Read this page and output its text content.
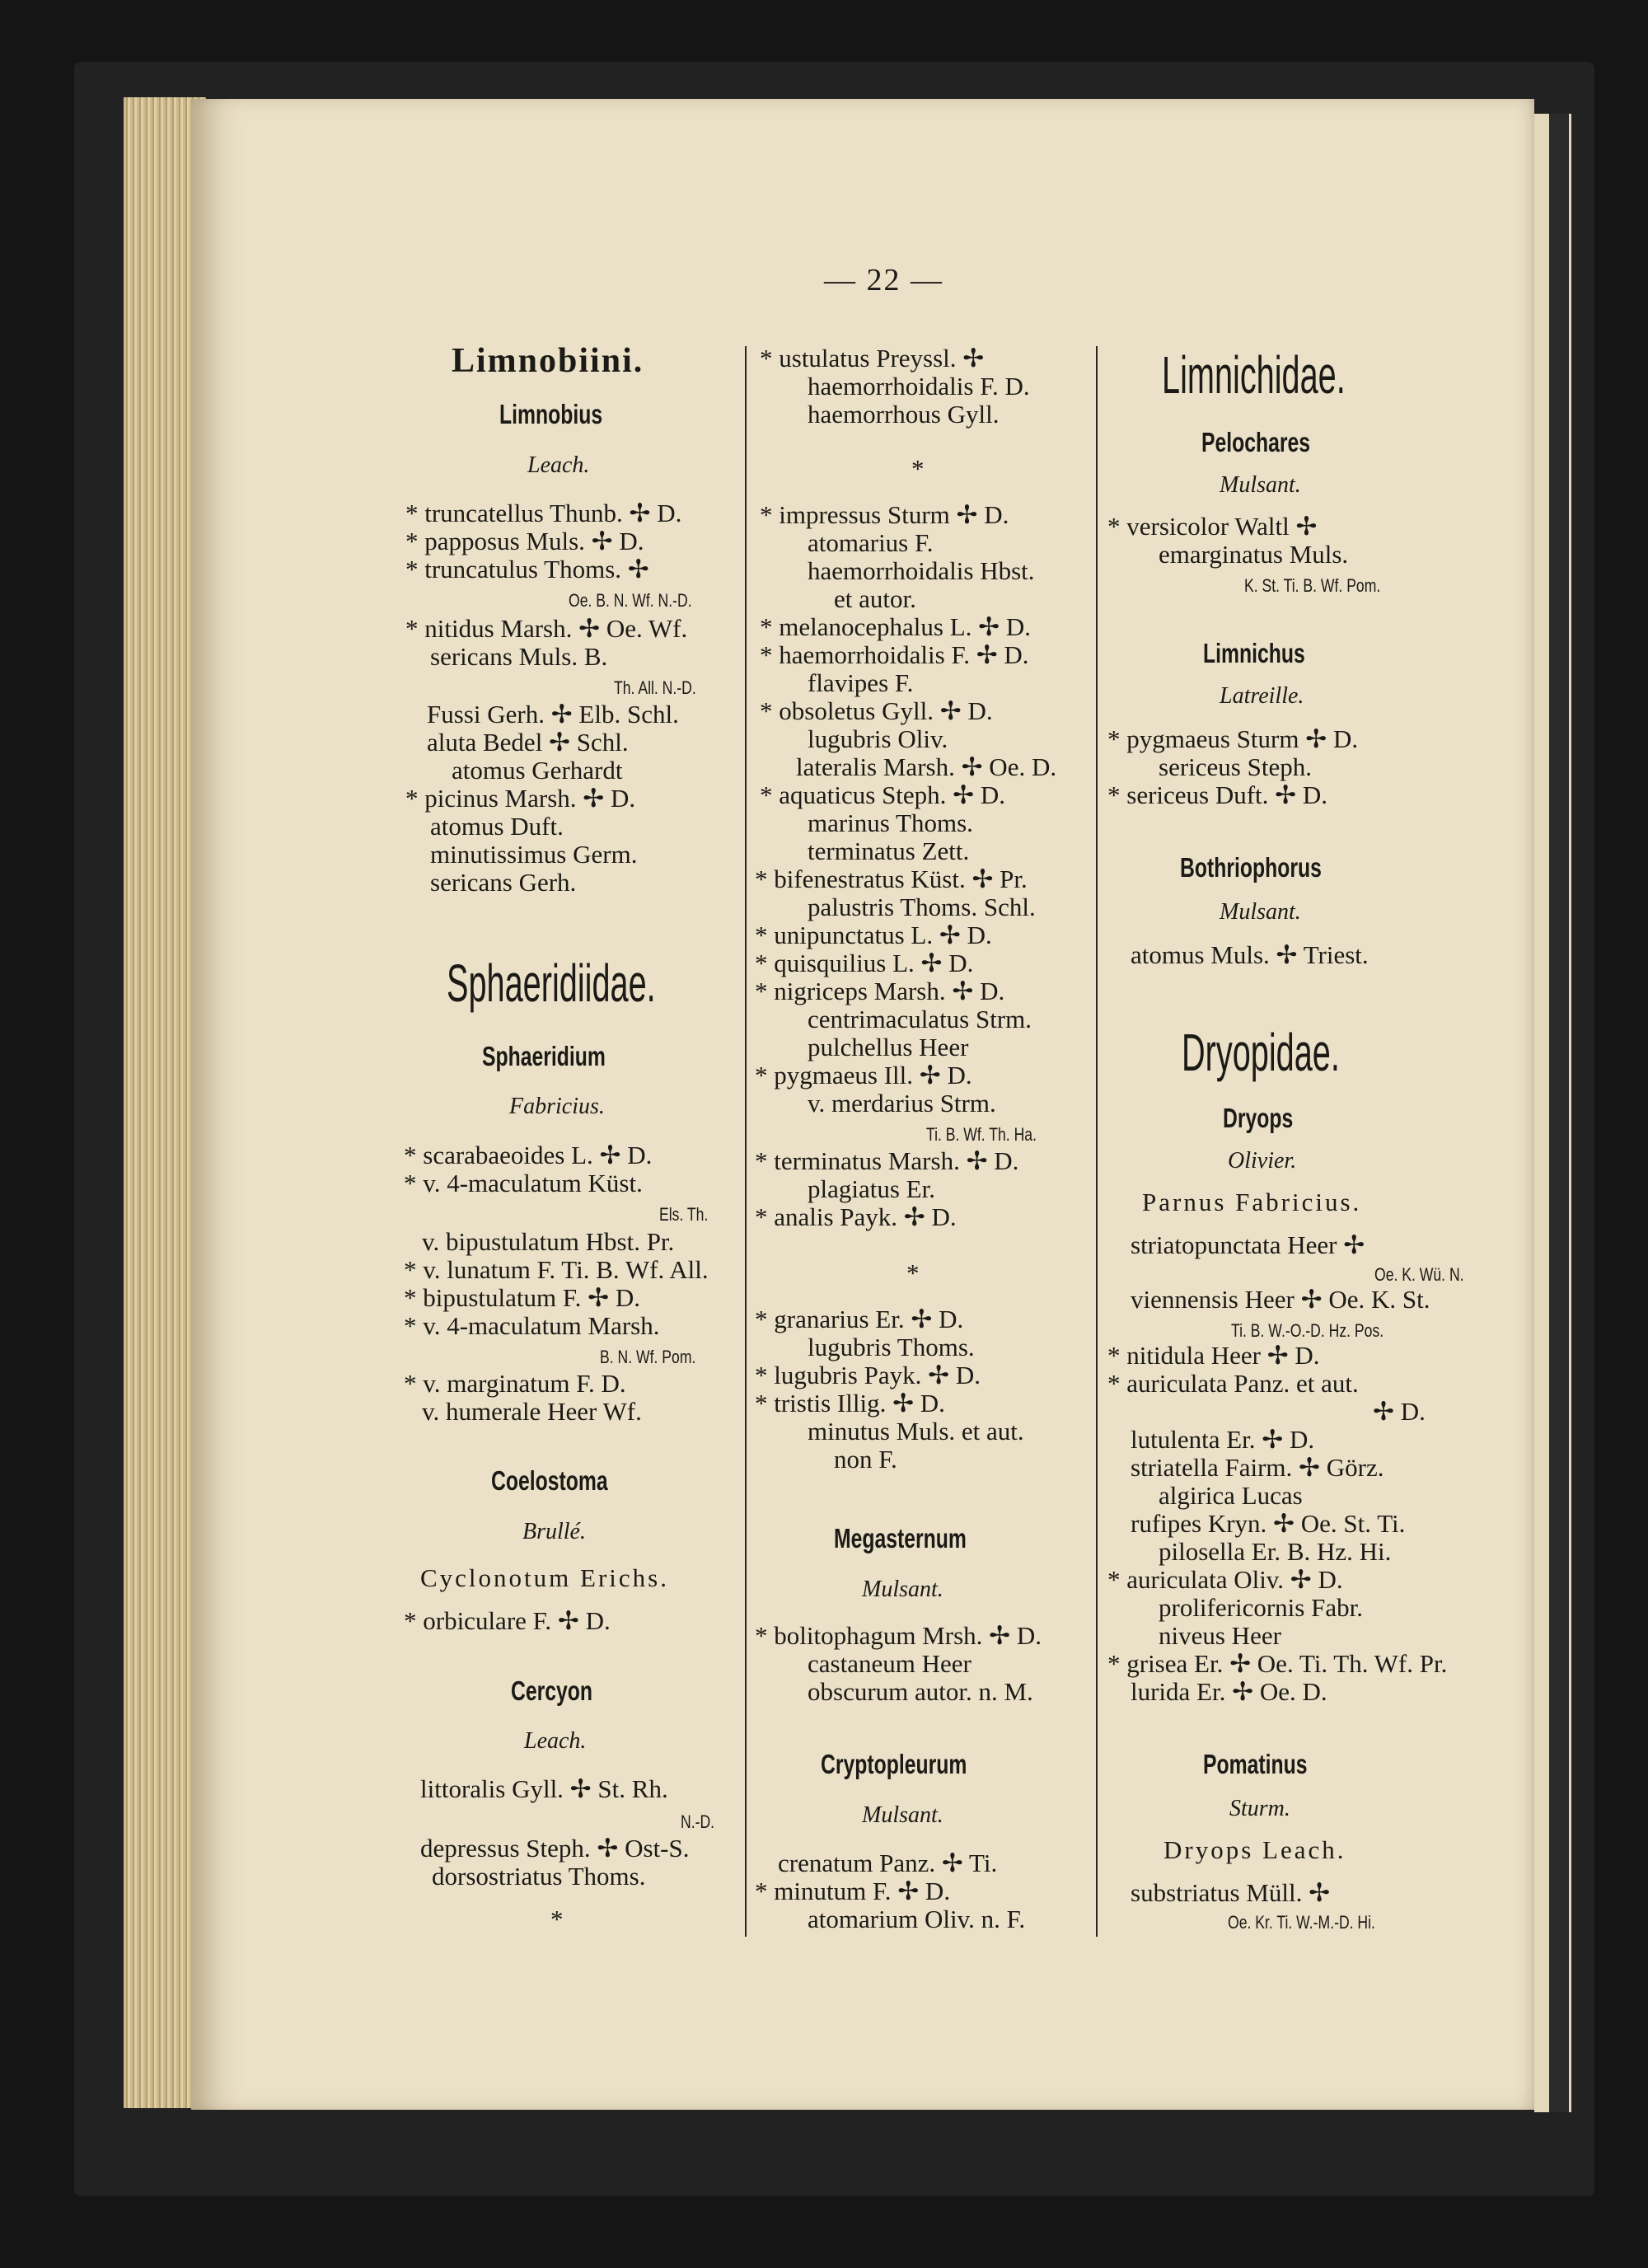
— 22 —
Limnobiini.
Limnobius
Leach.
* truncatellus Thunb. ✢ D.
* papposus Muls. ✢ D.
* truncatulus Thoms. ✢
Oe. B. N. Wf. N.-D.
* nitidus Marsh. ✢ Oe. Wf.
sericans Muls. B.
Th. All. N.-D.
Fussi Gerh. ✢ Elb. Schl.
aluta Bedel ✢ Schl.
atomus Gerhardt
* picinus Marsh. ✢ D.
atomus Duft.
minutissimus Germ.
sericans Gerh.
Sphaeridiidae.
Sphaeridium
Fabricius.
* scarabaeoides L. ✢ D.
* v. 4-maculatum Küst.
Els. Th.
v. bipustulatum Hbst. Pr.
* v. lunatum F. Ti. B. Wf. All.
* bipustulatum F. ✢ D.
* v. 4-maculatum Marsh.
B. N. Wf. Pom.
* v. marginatum F. D.
v. humerale Heer Wf.
Coelostoma
Brullé.
Cyclonotum Erichs.
* orbiculare F. ✢ D.
Cercyon
Leach.
littoralis Gyll. ✢ St. Rh.
N.-D.
depressus Steph. ✢ Ost-S.
dorsostriatus Thoms.
*
* ustulatus Preyssl. ✢
haemorrhoidalis F. D.
haemorrhous Gyll.
*
* impressus Sturm ✢ D.
atomarius F.
haemorrhoidalis Hbst.
et autor.
* melanocephalus L. ✢ D.
* haemorrhoidalis F. ✢ D.
flavipes F.
* obsoletus Gyll. ✢ D.
lugubris Oliv.
lateralis Marsh. ✢ Oe. D.
* aquaticus Steph. ✢ D.
marinus Thoms.
terminatus Zett.
* bifenestratus Küst. ✢ Pr.
palustris Thoms. Schl.
* unipunctatus L. ✢ D.
* quisquilius L. ✢ D.
* nigriceps Marsh. ✢ D.
centrimaculatus Strm.
pulchellus Heer
* pygmaeus Ill. ✢ D.
v. merdarius Strm.
Ti. B. Wf. Th. Ha.
* terminatus Marsh. ✢ D.
plagiatus Er.
* analis Payk. ✢ D.
*
* granarius Er. ✢ D.
lugubris Thoms.
* lugubris Payk. ✢ D.
* tristis Illig. ✢ D.
minutus Muls. et aut.
non F.
Megasternum
Mulsant.
* bolitophagum Mrsh. ✢ D.
castaneum Heer
obscurum autor. n. M.
Cryptopleurum
Mulsant.
crenatum Panz. ✢ Ti.
* minutum F. ✢ D.
atomarium Oliv. n. F.
Limnichidae.
Pelochares
Mulsant.
* versicolor Waltl ✢
emarginatus Muls.
K. St. Ti. B. Wf. Pom.
Limnichus
Latreille.
* pygmaeus Sturm ✢ D.
sericeus Steph.
* sericeus Duft. ✢ D.
Bothriophorus
Mulsant.
atomus Muls. ✢ Triest.
Dryopidae.
Dryops
Olivier.
Parnus Fabricius.
striatopunctata Heer ✢
Oe. K. Wü. N.
viennensis Heer ✢ Oe. K. St.
Ti. B. W.-O.-D. Hz. Pos.
* nitidula Heer ✢ D.
* auriculata Panz. et aut.
✢ D.
lutulenta Er. ✢ D.
striatella Fairm. ✢ Görz.
algirica Lucas
rufipes Kryn. ✢ Oe. St. Ti.
pilosella Er. B. Hz. Hi.
* auriculata Oliv. ✢ D.
prolifericornis Fabr.
niveus Heer
* grisea Er. ✢ Oe. Ti. Th. Wf. Pr.
lurida Er. ✢ Oe. D.
Pomatinus
Sturm.
Dryops Leach.
substriatus Müll. ✢
Oe. Kr. Ti. W.-M.-D. Hi.
